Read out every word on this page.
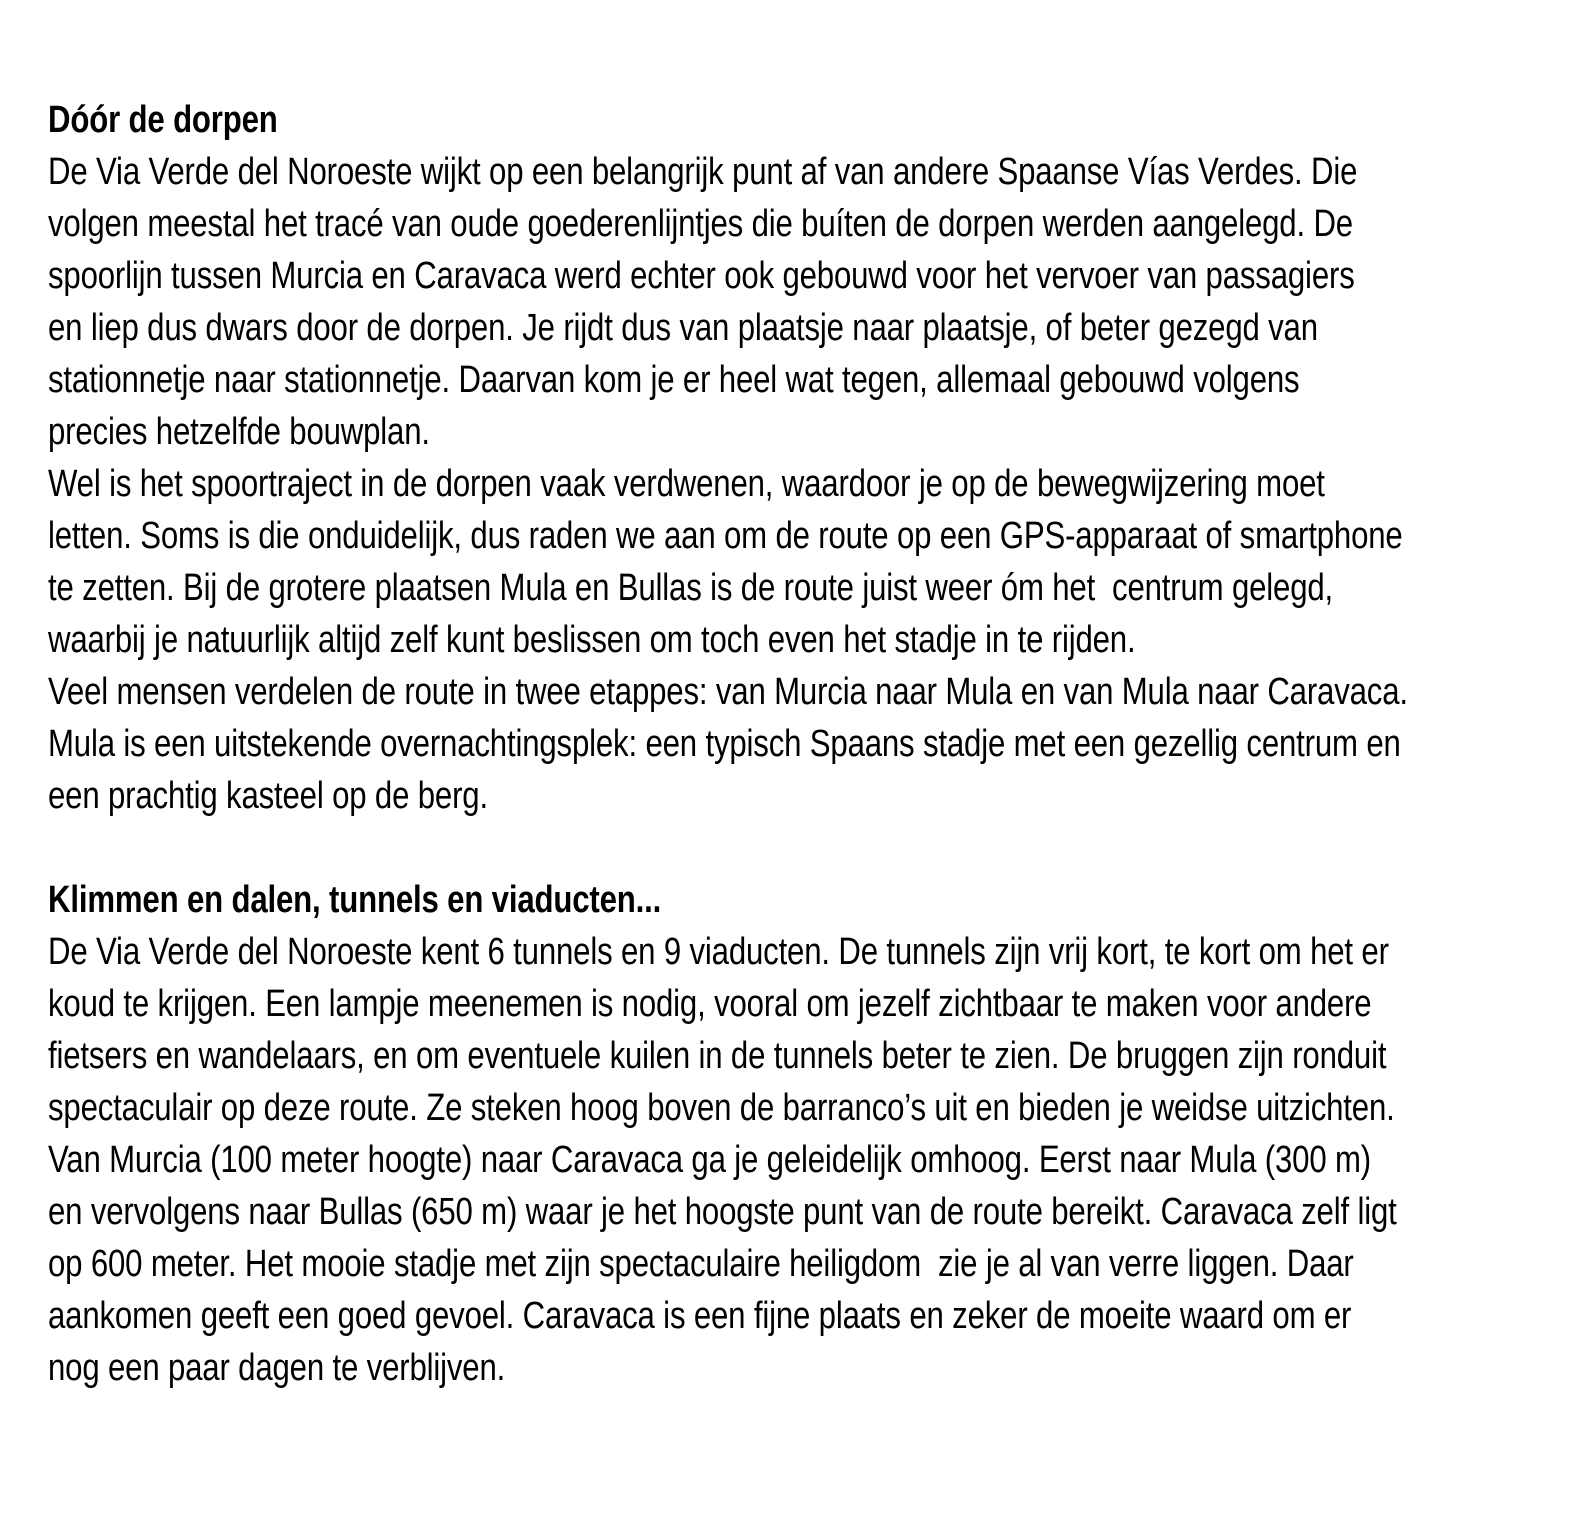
Dóór de dorpen
De Via Verde del Noroeste wijkt op een belangrijk punt af van andere Spaanse Vías Verdes. Die
volgen meestal het tracé van oude goederenlijntjes die buíten de dorpen werden aangelegd. De
spoorlijn tussen Murcia en Caravaca werd echter ook gebouwd voor het vervoer van passagiers
en liep dus dwars door de dorpen. Je rijdt dus van plaatsje naar plaatsje, of beter gezegd van
stationnetje naar stationnetje. Daarvan kom je er heel wat tegen, allemaal gebouwd volgens
precies hetzelfde bouwplan.
Wel is het spoortraject in de dorpen vaak verdwenen, waardoor je op de bewegwijzering moet
letten. Soms is die onduidelijk, dus raden we aan om de route op een GPS-apparaat of smartphone
te zetten. Bij de grotere plaatsen Mula en Bullas is de route juist weer óm het  centrum gelegd,
waarbij je natuurlijk altijd zelf kunt beslissen om toch even het stadje in te rijden.
Veel mensen verdelen de route in twee etappes: van Murcia naar Mula en van Mula naar Caravaca.
Mula is een uitstekende overnachtingsplek: een typisch Spaans stadje met een gezellig centrum en
een prachtig kasteel op de berg.
Klimmen en dalen, tunnels en viaducten...
De Via Verde del Noroeste kent 6 tunnels en 9 viaducten. De tunnels zijn vrij kort, te kort om het er
koud te krijgen. Een lampje meenemen is nodig, vooral om jezelf zichtbaar te maken voor andere
fietsers en wandelaars, en om eventuele kuilen in de tunnels beter te zien. De bruggen zijn ronduit
spectaculair op deze route. Ze steken hoog boven de barranco’s uit en bieden je weidse uitzichten.
Van Murcia (100 meter hoogte) naar Caravaca ga je geleidelijk omhoog. Eerst naar Mula (300 m)
en vervolgens naar Bullas (650 m) waar je het hoogste punt van de route bereikt. Caravaca zelf ligt
op 600 meter. Het mooie stadje met zijn spectaculaire heiligdom  zie je al van verre liggen. Daar
aankomen geeft een goed gevoel. Caravaca is een fijne plaats en zeker de moeite waard om er
nog een paar dagen te verblijven.
